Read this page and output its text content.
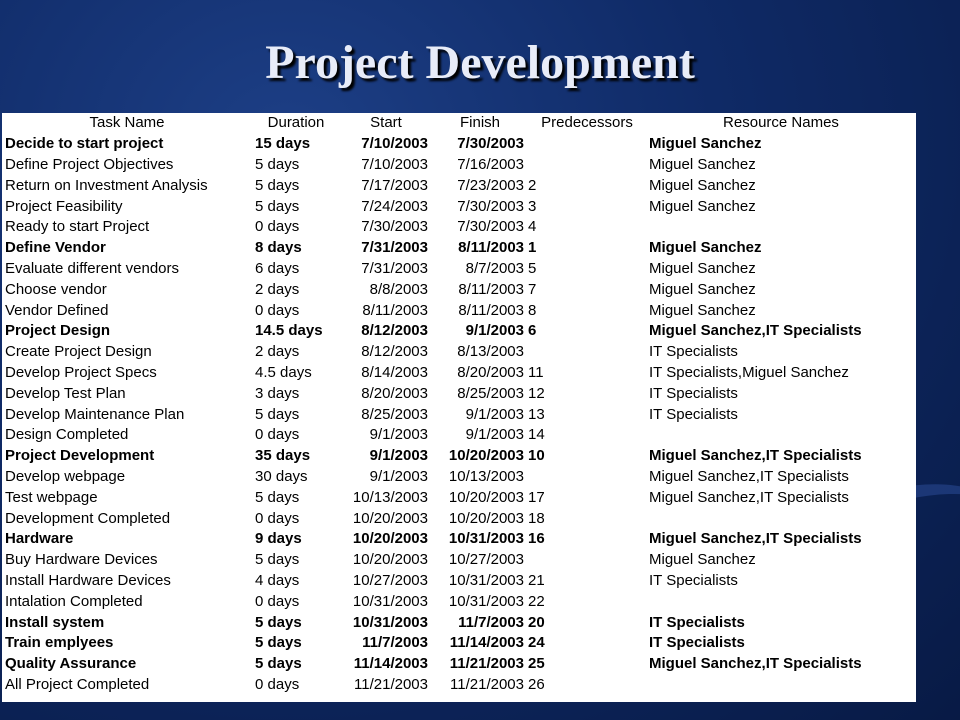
Project Development
Task Name	Duration	Start	Finish	Predecessors	Resource Names
Decide to start project	15 days	7/10/2003	7/30/2003		Miguel Sanchez
Define Project Objectives	5 days	7/10/2003	7/16/2003		Miguel Sanchez
Return on Investment Analysis	5 days	7/17/2003	7/23/2003	2	Miguel Sanchez
Project Feasibility	5 days	7/24/2003	7/30/2003	3	Miguel Sanchez
Ready to start Project	0 days	7/30/2003	7/30/2003	4	
Define Vendor	8 days	7/31/2003	8/11/2003	1	Miguel Sanchez
Evaluate different vendors	6 days	7/31/2003	8/7/2003	5	Miguel Sanchez
Choose vendor	2 days	8/8/2003	8/11/2003	7	Miguel Sanchez
Vendor Defined	0 days	8/11/2003	8/11/2003	8	Miguel Sanchez
Project Design	14.5 days	8/12/2003	9/1/2003	6	Miguel Sanchez,IT Specialists
Create Project Design	2 days	8/12/2003	8/13/2003		IT Specialists
Develop Project Specs	4.5 days	8/14/2003	8/20/2003	11	IT Specialists,Miguel Sanchez
Develop Test Plan	3 days	8/20/2003	8/25/2003	12	IT Specialists
Develop Maintenance Plan	5 days	8/25/2003	9/1/2003	13	IT Specialists
Design Completed	0 days	9/1/2003	9/1/2003	14	
Project Development	35 days	9/1/2003	10/20/2003	10	Miguel Sanchez,IT Specialists
Develop webpage	30 days	9/1/2003	10/13/2003		Miguel Sanchez,IT Specialists
Test webpage	5 days	10/13/2003	10/20/2003	17	Miguel Sanchez,IT Specialists
Development Completed	0 days	10/20/2003	10/20/2003	18	
Hardware	9 days	10/20/2003	10/31/2003	16	Miguel Sanchez,IT Specialists
Buy Hardware Devices	5 days	10/20/2003	10/27/2003		Miguel Sanchez
Install Hardware Devices	4 days	10/27/2003	10/31/2003	21	IT Specialists
Intalation Completed	0 days	10/31/2003	10/31/2003	22	
Install system	5 days	10/31/2003	11/7/2003	20	IT Specialists
Train emplyees	5 days	11/7/2003	11/14/2003	24	IT Specialists
Quality Assurance	5 days	11/14/2003	11/21/2003	25	Miguel Sanchez,IT Specialists
All Project Completed	0 days	11/21/2003	11/21/2003	26	
